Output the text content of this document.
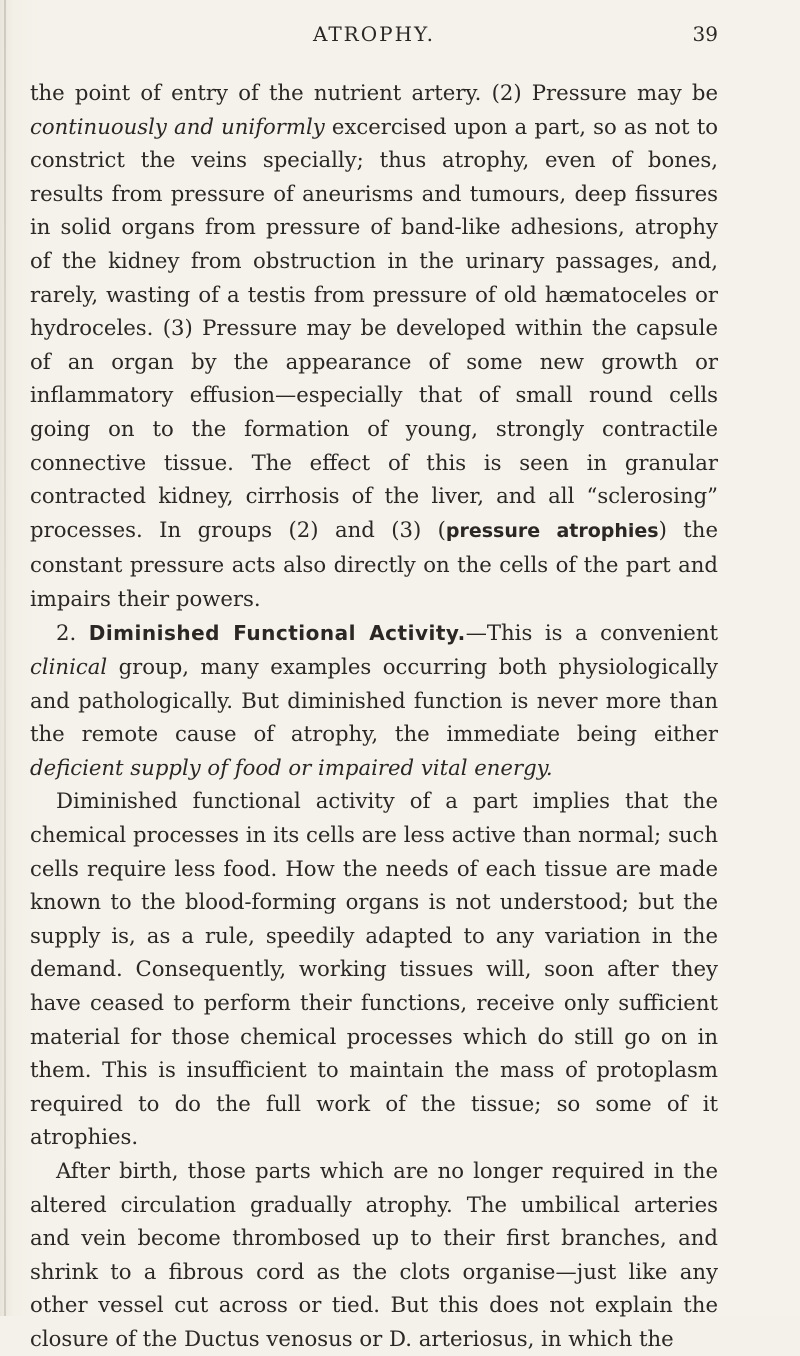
ATROPHY.	39

the point of entry of the nutrient artery. (2) Pressure may be continuously and uniformly excercised upon a part, so as not to constrict the veins specially; thus atrophy, even of bones, results from pressure of aneurisms and tumours, deep fissures in solid organs from pressure of band-like adhesions, atrophy of the kidney from obstruction in the urinary passages, and, rarely, wasting of a testis from pressure of old hæmatoceles or hydroceles. (3) Pressure may be developed within the capsule of an organ by the appearance of some new growth or inflammatory effusion—especially that of small round cells going on to the formation of young, strongly contractile connective tissue. The effect of this is seen in granular contracted kidney, cirrhosis of the liver, and all “sclerosing” processes. In groups (2) and (3) (pressure atrophies) the constant pressure acts also directly on the cells of the part and impairs their powers.

2. Diminished Functional Activity.—This is a convenient clinical group, many examples occurring both physiologically and pathologically. But diminished function is never more than the remote cause of atrophy, the immediate being either deficient supply of food or impaired vital energy.

Diminished functional activity of a part implies that the chemical processes in its cells are less active than normal; such cells require less food. How the needs of each tissue are made known to the blood-forming organs is not understood; but the supply is, as a rule, speedily adapted to any variation in the demand. Consequently, working tissues will, soon after they have ceased to perform their functions, receive only sufficient material for those chemical processes which do still go on in them. This is insufficient to maintain the mass of protoplasm required to do the full work of the tissue; so some of it atrophies.

After birth, those parts which are no longer required in the altered circulation gradually atrophy. The umbilical arteries and vein become thrombosed up to their first branches, and shrink to a fibrous cord as the clots organise—just like any other vessel cut across or tied. But this does not explain the closure of the Ductus venosus or D. arteriosus, in which the
